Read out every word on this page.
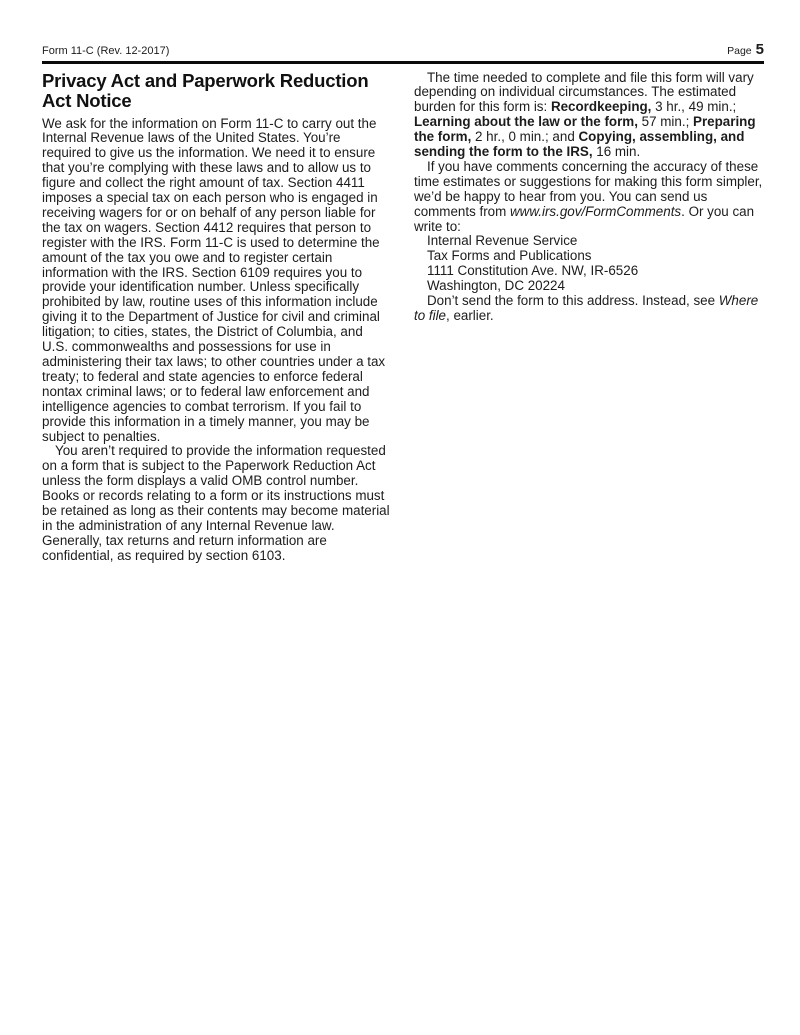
Form 11-C (Rev. 12-2017)	Page 5
Privacy Act and Paperwork Reduction Act Notice

We ask for the information on Form 11-C to carry out the Internal Revenue laws of the United States. You’re required to give us the information. We need it to ensure that you’re complying with these laws and to allow us to figure and collect the right amount of tax. Section 4411 imposes a special tax on each person who is engaged in receiving wagers for or on behalf of any person liable for the tax on wagers. Section 4412 requires that person to register with the IRS. Form 11-C is used to determine the amount of the tax you owe and to register certain information with the IRS. Section 6109 requires you to provide your identification number. Unless specifically prohibited by law, routine uses of this information include giving it to the Department of Justice for civil and criminal litigation; to cities, states, the District of Columbia, and U.S. commonwealths and possessions for use in administering their tax laws; to other countries under a tax treaty; to federal and state agencies to enforce federal nontax criminal laws; or to federal law enforcement and intelligence agencies to combat terrorism. If you fail to provide this information in a timely manner, you may be subject to penalties.

You aren’t required to provide the information requested on a form that is subject to the Paperwork Reduction Act unless the form displays a valid OMB control number. Books or records relating to a form or its instructions must be retained as long as their contents may become material in the administration of any Internal Revenue law. Generally, tax returns and return information are confidential, as required by section 6103.

The time needed to complete and file this form will vary depending on individual circumstances. The estimated burden for this form is: Recordkeeping, 3 hr., 49 min.; Learning about the law or the form, 57 min.; Preparing the form, 2 hr., 0 min.; and Copying, assembling, and sending the form to the IRS, 16 min.

If you have comments concerning the accuracy of these time estimates or suggestions for making this form simpler, we’d be happy to hear from you. You can send us comments from www.irs.gov/FormComments. Or you can write to:

Internal Revenue Service
Tax Forms and Publications
1111 Constitution Ave. NW, IR-6526
Washington, DC 20224

Don’t send the form to this address. Instead, see Where to file, earlier.
